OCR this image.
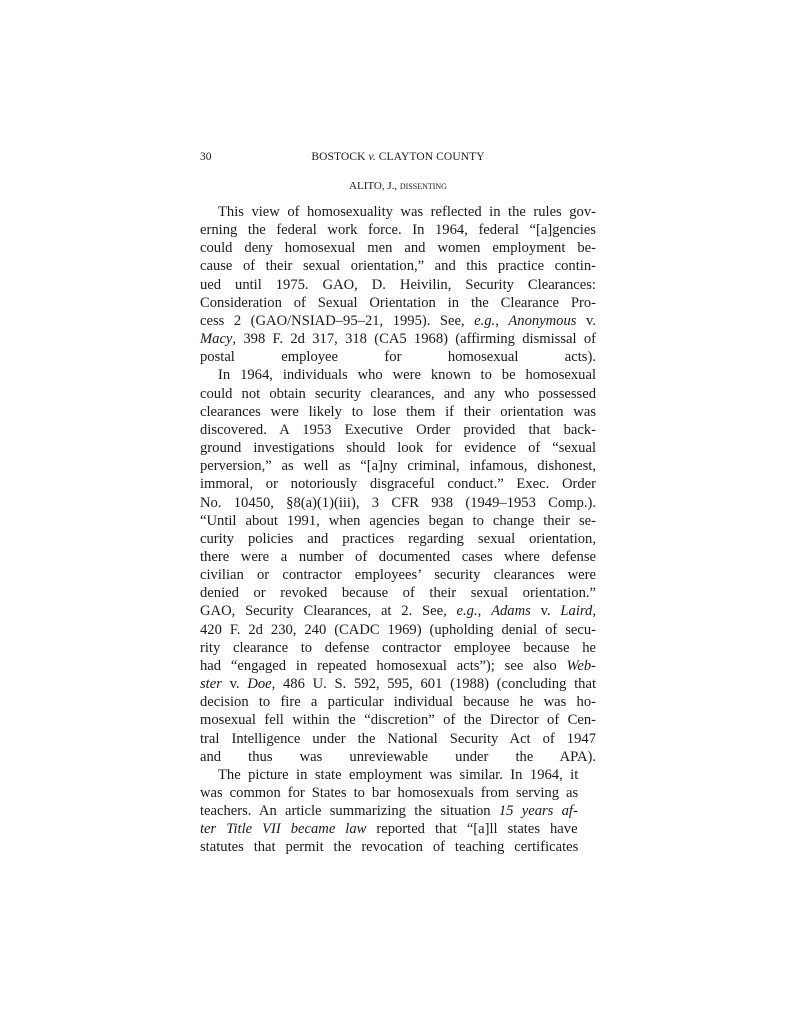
30	BOSTOCK v. CLAYTON COUNTY
ALITO, J., dissenting

This view of homosexuality was reflected in the rules gov-
erning the federal work force. In 1964, federal “[a]gencies
could deny homosexual men and women employment be-
cause of their sexual orientation,” and this practice contin-
ued until 1975. GAO, D. Heivilin, Security Clearances:
Consideration of Sexual Orientation in the Clearance Pro-
cess 2 (GAO/NSIAD–95–21, 1995). See, e.g., Anonymous v.
Macy, 398 F. 2d 317, 318 (CA5 1968) (affirming dismissal of
postal employee for homosexual acts).

In 1964, individuals who were known to be homosexual
could not obtain security clearances, and any who possessed
clearances were likely to lose them if their orientation was
discovered. A 1953 Executive Order provided that back-
ground investigations should look for evidence of “sexual
perversion,” as well as “[a]ny criminal, infamous, dishonest,
immoral, or notoriously disgraceful conduct.” Exec. Order
No. 10450, §8(a)(1)(iii), 3 CFR 938 (1949–1953 Comp.).
“Until about 1991, when agencies began to change their se-
curity policies and practices regarding sexual orientation,
there were a number of documented cases where defense
civilian or contractor employees’ security clearances were
denied or revoked because of their sexual orientation.”
GAO, Security Clearances, at 2. See, e.g., Adams v. Laird,
420 F. 2d 230, 240 (CADC 1969) (upholding denial of secu-
rity clearance to defense contractor employee because he
had “engaged in repeated homosexual acts”); see also Web-
ster v. Doe, 486 U. S. 592, 595, 601 (1988) (concluding that
decision to fire a particular individual because he was ho-
mosexual fell within the “discretion” of the Director of Cen-
tral Intelligence under the National Security Act of 1947
and thus was unreviewable under the APA).

The picture in state employment was similar. In 1964, it
was common for States to bar homosexuals from serving as
teachers. An article summarizing the situation 15 years af-
ter Title VII became law reported that “[a]ll states have
statutes that permit the revocation of teaching certificates
